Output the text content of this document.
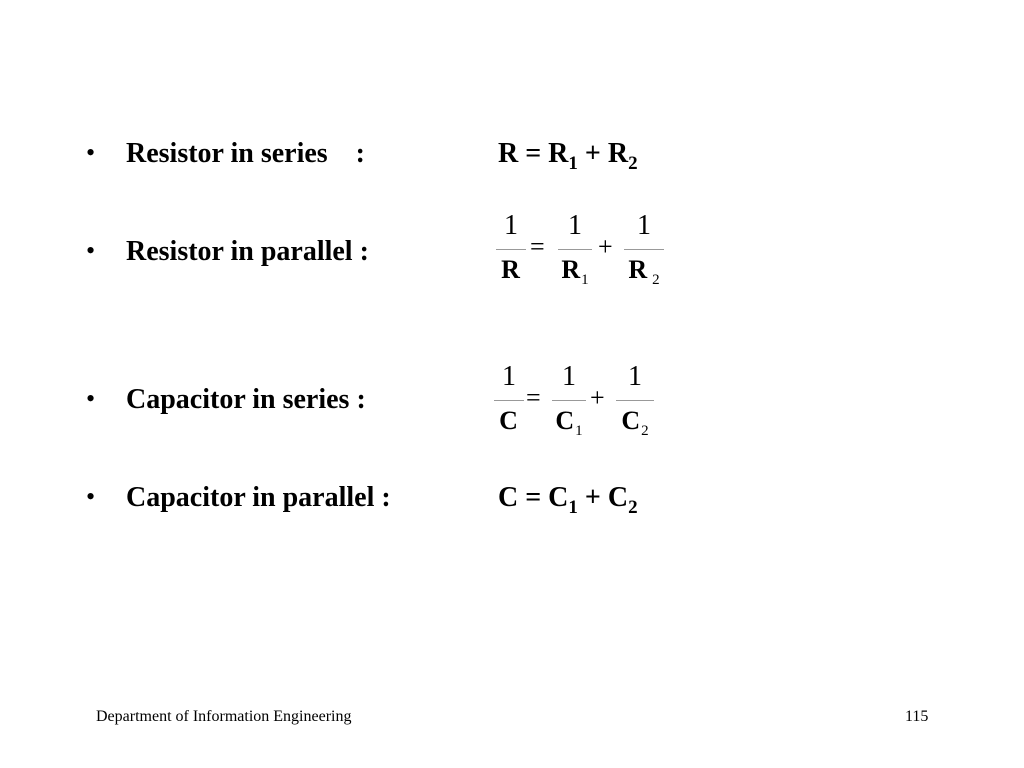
• Resistor in series    :	$R = R_1 + R_2$
• Resistor in parallel :
1
R
=
1
$R_1$
+
1
R $_2$
• Capacitor in series :
1
C
=
1
$C_1$
+
1
$C_2$
• Capacitor in parallel :	$C = C_1 + C_2$
Department of Information Engineering	115
